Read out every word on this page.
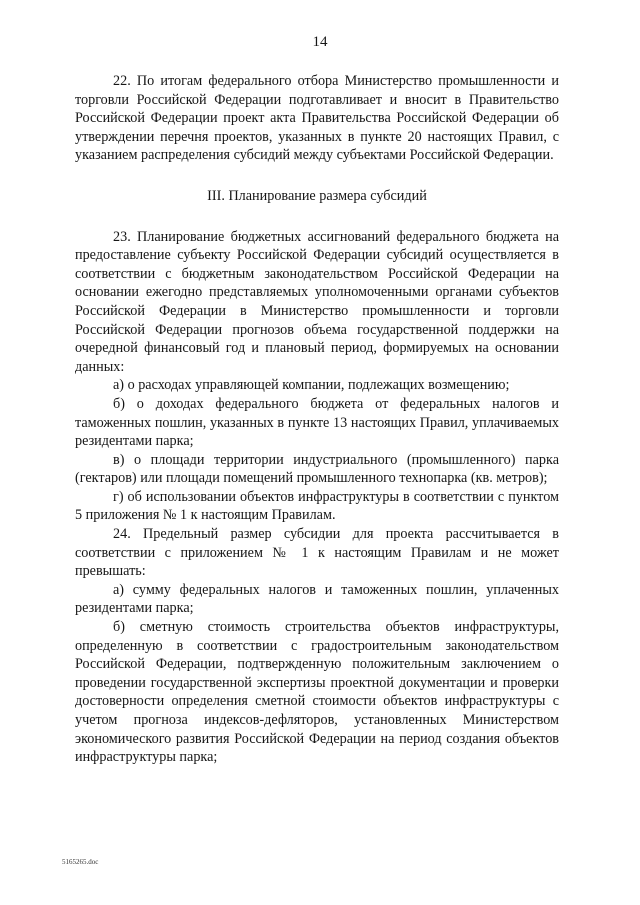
14

22. По итогам федерального отбора Министерство промышленности и торговли Российской Федерации подготавливает и вносит в Правительство Российской Федерации проект акта Правительства Российской Федерации об утверждении перечня проектов, указанных в пункте 20 настоящих Правил, с указанием распределения субсидий между субъектами Российской Федерации.

III. Планирование размера субсидий

23. Планирование бюджетных ассигнований федерального бюджета на предоставление субъекту Российской Федерации субсидий осуществляется в соответствии с бюджетным законодательством Российской Федерации на основании ежегодно представляемых уполномоченными органами субъектов Российской Федерации в Министерство промышленности и торговли Российской Федерации прогнозов объема государственной поддержки на очередной финансовый год и плановый период, формируемых на основании данных:

а) о расходах управляющей компании, подлежащих возмещению;

б) о доходах федерального бюджета от федеральных налогов и таможенных пошлин, указанных в пункте 13 настоящих Правил, уплачиваемых резидентами парка;

в) о площади территории индустриального (промышленного) парка (гектаров) или площади помещений промышленного технопарка (кв. метров);

г) об использовании объектов инфраструктуры в соответствии с пунктом 5 приложения № 1 к настоящим Правилам.

24. Предельный размер субсидии для проекта рассчитывается в соответствии с приложением № 1 к настоящим Правилам и не может превышать:

а) сумму федеральных налогов и таможенных пошлин, уплаченных резидентами парка;

б) сметную стоимость строительства объектов инфраструктуры, определенную в соответствии с градостроительным законодательством Российской Федерации, подтвержденную положительным заключением о проведении государственной экспертизы проектной документации и проверки достоверности определения сметной стоимости объектов инфраструктуры с учетом прогноза индексов-дефляторов, установленных Министерством экономического развития Российской Федерации на период создания объектов инфраструктуры парка;

5165265.doc
